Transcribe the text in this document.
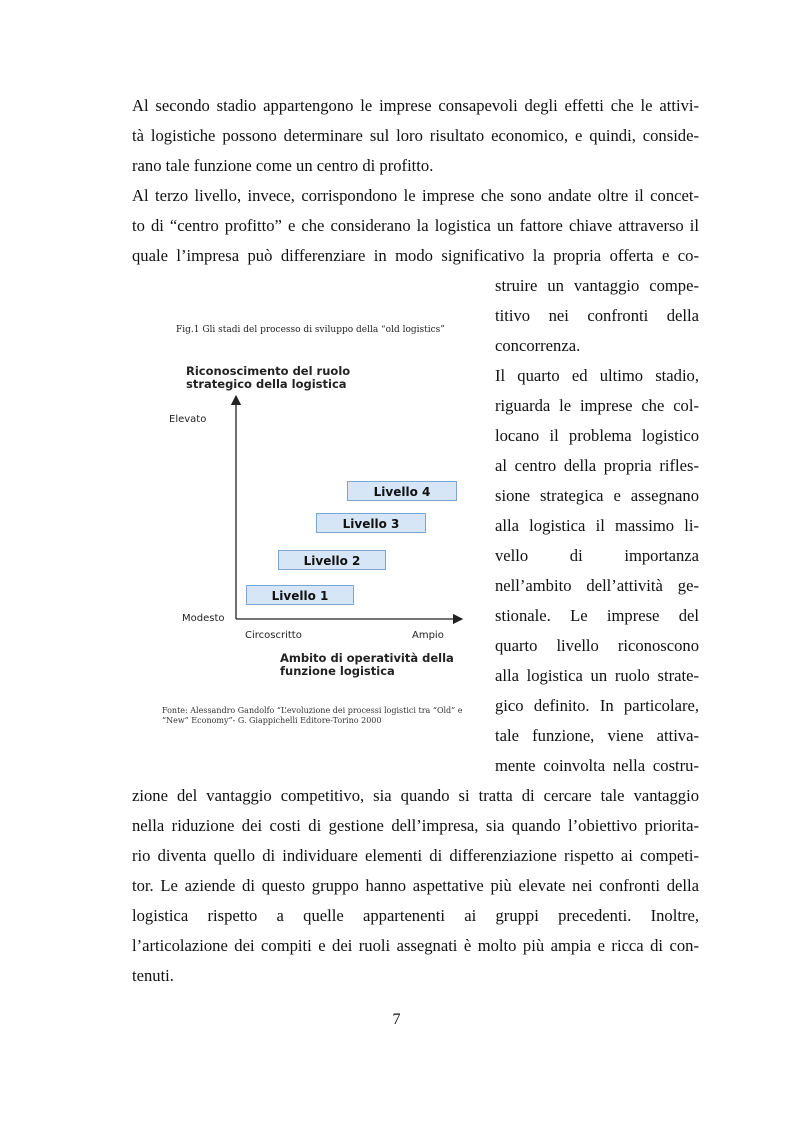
Al secondo stadio appartengono le imprese consapevoli degli effetti che le attivi-
tà logistiche possono determinare sul loro risultato economico, e quindi, conside-
rano tale funzione come un centro di profitto.
Al terzo livello, invece, corrispondono le imprese che sono andate oltre il concet-
to di “centro profitto” e che considerano la logistica un fattore chiave attraverso il
quale l’impresa può differenziare in modo significativo la propria offerta e co-
struire un vantaggio compe-
titivo nei confronti della
concorrenza.
Il quarto ed ultimo stadio,
riguarda le imprese che col-
locano il problema logistico
al centro della propria rifles-
sione strategica e assegnano
alla logistica il massimo li-
vello di importanza
nell’ambito dell’attività ge-
stionale. Le imprese del
quarto livello riconoscono
alla logistica un ruolo strate-
gico definito. In particolare,
tale funzione, viene attiva-
mente coinvolta nella costru-
zione del vantaggio competitivo, sia quando si tratta di cercare tale vantaggio
nella riduzione dei costi di gestione dell’impresa, sia quando l’obiettivo priorita-
rio diventa quello di individuare elementi di differenziazione rispetto ai competi-
tor. Le aziende di questo gruppo hanno aspettative più elevate nei confronti della
logistica rispetto a quelle appartenenti ai gruppi precedenti. Inoltre,
l’articolazione dei compiti e dei ruoli assegnati è molto più ampia e ricca di con-
tenuti.
Fig.1 Gli stadi del processo di sviluppo della “old logistics”
Riconoscimento del ruolo
strategico della logistica
Elevato
Modesto
Livello 1
Livello 2
Livello 3
Livello 4
Circoscritto	Ampio
Ambito di operatività della
funzione logistica
Fonte: Alessandro Gandolfo “L’evoluzione dei processi logistici tra “Old” e
“New” Economy”- G. Giappichelli Editore-Torino 2000
7
